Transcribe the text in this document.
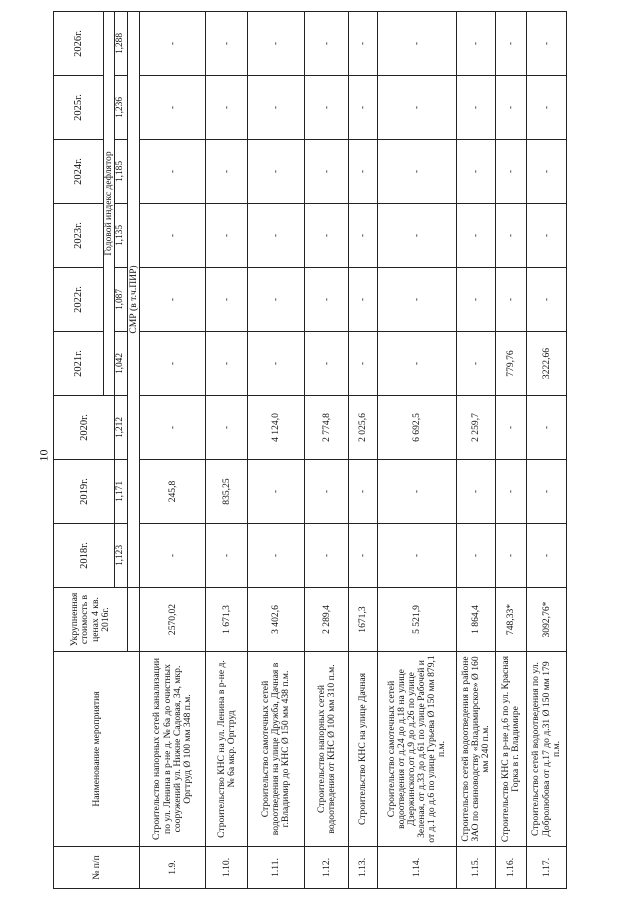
10
№ п/п	Наименование мероприятия	Укрупненная стоимость в ценах 4 кв. 2016г.	2018г.	2019г.	2020г.	2021г.	2022г.	2023г.	2024г.	2025г.	2026г.
						Годовой индекс дефлятор					
			1,123	1,171	1,212	1,042	1,087	1,135	1,185	1,236	1,288
			СМР (в т.ч.ПИР)								
1.9.	Строительство напорных сетей канализации по ул. Ленина в р-не д. № 6а до очистных сооружений ул. Нижне Садовая, 34, мкр. Оргтруд Ø 100 мм 348 п.м.	2570,02	-	245,8	-	-	-	-	-	-	-
1.10.	Строительство КНС на ул. Ленина в р-не д. № 6а мкр. Оргтруд	1 671,3	-	835,25	-	-	-	-	-	-	-
1.11.	Строительство самотечных сетей водоотведения на улице Дружба, Дачная в г.Владимир до КНС Ø 150 мм 438 п.м.	3 402,6	-	-	4 124,0	-	-	-	-	-	-
1.12.	Строительство напорных сетей водоотведения от КНС Ø 100 мм 310 п.м.	2 289,4	-	-	2 774,8	-	-	-	-	-	-
1.13.	Строительство КНС на улице Дачная	1671,3	-	-	2 025,6	-	-	-	-	-	-
1.14.	Строительство самотечных сетей водоотведения от д.24 до д.18 на улице Дзержинского,от д.9 до д.26 по улице Зеленая, от д.33 до д.61 по улице Рабочей и от д.1 до д.6 по улице Гурьева Ø 150 мм 879,1 п.м.	5 521,9	-	-	6 692,5	-	-	-	-	-	-
1.15.	Строительство сетей водоотведения в районе ЗАО по свиноводству «Владимирское» Ø 160 мм 240 п.м.	1 864,4	-	-	2 259,7	-	-	-	-	-	-
1.16.	Строительство КНС в р-не д.6 по ул. Красная Горка в г. Владимире	748,33*	-	-	-	779,76	-	-	-	-	-
1.17.	Строительство сетей водоотведения по ул. Добролюбова от д.17 до д.31 Ø 150 мм 179 п.м.	3092,76*	-	-	-	3222,66	-	-	-	-	-
